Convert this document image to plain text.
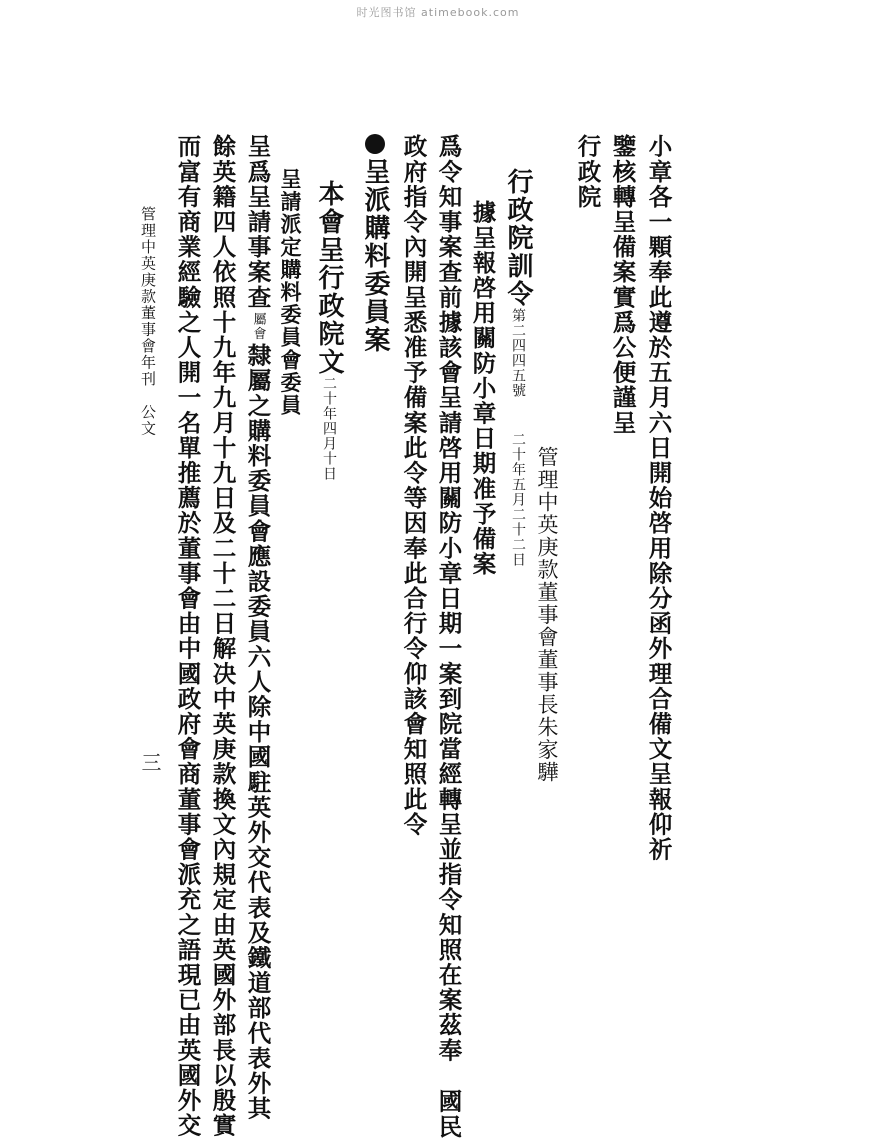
时光图书馆 atimebook.com
小章各一顆奉此遵於五月六日開始啓用除分函外理合備文呈報仰祈
鑒核轉呈備案實爲公便謹呈
行政院
管理中英庚款董事會董事長朱家驊
行政院訓令第二四四五號二十年五月二十二日
據呈報啓用關防小章日期准予備案
爲令知事案查前據該會呈請啓用關防小章日期一案到院當經轉呈並指令知照在案茲奉國民
政府指令內開呈悉准予備案此令等因奉此合行令仰該會知照此令
呈派購料委員案
本會呈行政院文二十年四月十日
呈請派定購料委員會委員
呈爲呈請事案查屬會隸屬之購料委員會應設委員六人除中國駐英外交代表及鐵道部代表外其
餘英籍四人依照十九年九月十九日及二十二日解决中英庚款換文內規定由英國外部長以殷實
而富有商業經驗之人開一名單推薦於董事會由中國政府會商董事會派充之語現已由英國外交
管理中英庚款董事會年刊　公文
三
